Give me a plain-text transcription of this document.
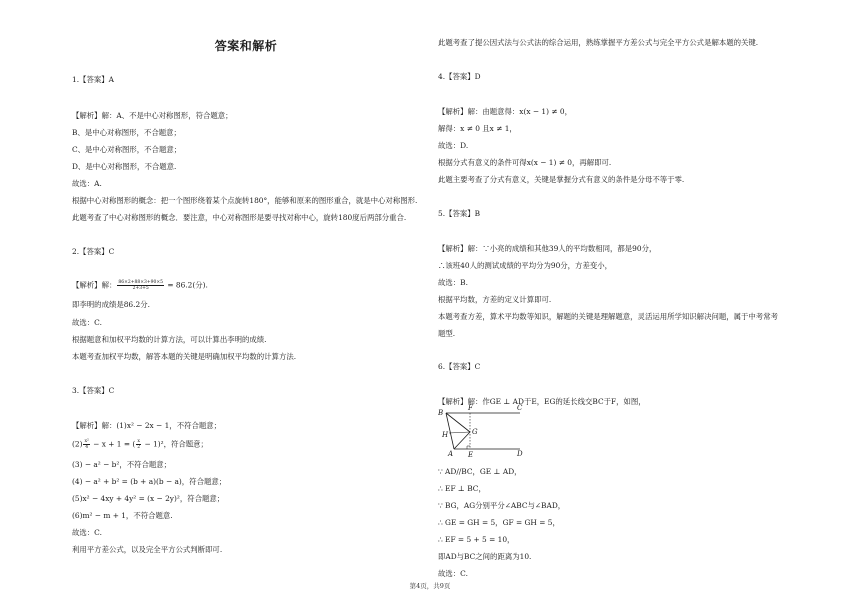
答案和解析
【解析】解： $\frac{86\times 2+88\times 3+90\times 5}{2+3+5} = 86.2$(分).
$(2) \frac{\text{x²}}{4} - x + 1$ = ( $\frac{x}{2} - 1)^2$，符合题意；
1.【答案】A
【解析】解：A、不是中心对称图形，符合题意；
B、是中心对称图形，不合题意；
C、是中心对称图形，不合题意；
D、是中心对称图形，不合题意.
故选：A.
根据中心对称图形的概念：把一个图形绕着某个点旋转180°，能够和原来的图形重合，就是中心对称图形.
此题考查了中心对称图形的概念．要注意，中心对称图形是要寻找对称中心，旋转180度后两部分重合.
2.【答案】C
即李明的成绩是86.2分.
故选：C.
根据题意和加权平均数的计算方法，可以计算出李明的成绩.
本题考查加权平均数，解答本题的关键是明确加权平均数的计算方法.
3.【答案】C
【解析】解：(1)x² − 2x − 1，不符合题意；
(3) − a² − b²，不符合题意；
(4) − a² + b² = (b + a)(b − a)，符合题意；
(5)x² − 4xy + 4y² = (x − 2y)²，符合题意；
(6)m² − m + 1，不符合题意.
故选：C.
利用平方差公式，以及完全平方公式判断即可.
B
F	C
G
H
A E	D
此题考查了提公因式法与公式法的综合运用，熟练掌握平方差公式与完全平方公式是解本题的关键.
4.【答案】D
【解析】解：由题意得：x(x − 1) ≠ 0，
解得：x ≠ 0 且x ≠ 1，
故选：D.
根据分式有意义的条件可得x(x − 1) ≠ 0，再解即可.
此题主要考查了分式有意义，关键是掌握分式有意义的条件是分母不等于零.
5.【答案】B
【解析】解：∵小亮的成绩和其他39人的平均数相同，都是90分，
∴该班40人的测试成绩的平均分为90分，方差变小，
故选：B.
根据平均数，方差的定义计算即可.
本题考查方差，算术平均数等知识，解题的关键是理解题意，灵活运用所学知识解决问题，属于中考常考
题型.
6.【答案】C
【解析】解：作GE ⊥ AD于E，EG的延长线交BC于F，如图，
∵ AD//BC，GE ⊥ AD，
∴ EF ⊥ BC，
∵ BG，AG分别平分∠ABC与∠BAD，
∴ GE = GH = 5，GF = GH = 5，
∴ EF = 5 + 5 = 10，
即AD与BC之间的距离为10.
故选：C.
第4页，共9页
